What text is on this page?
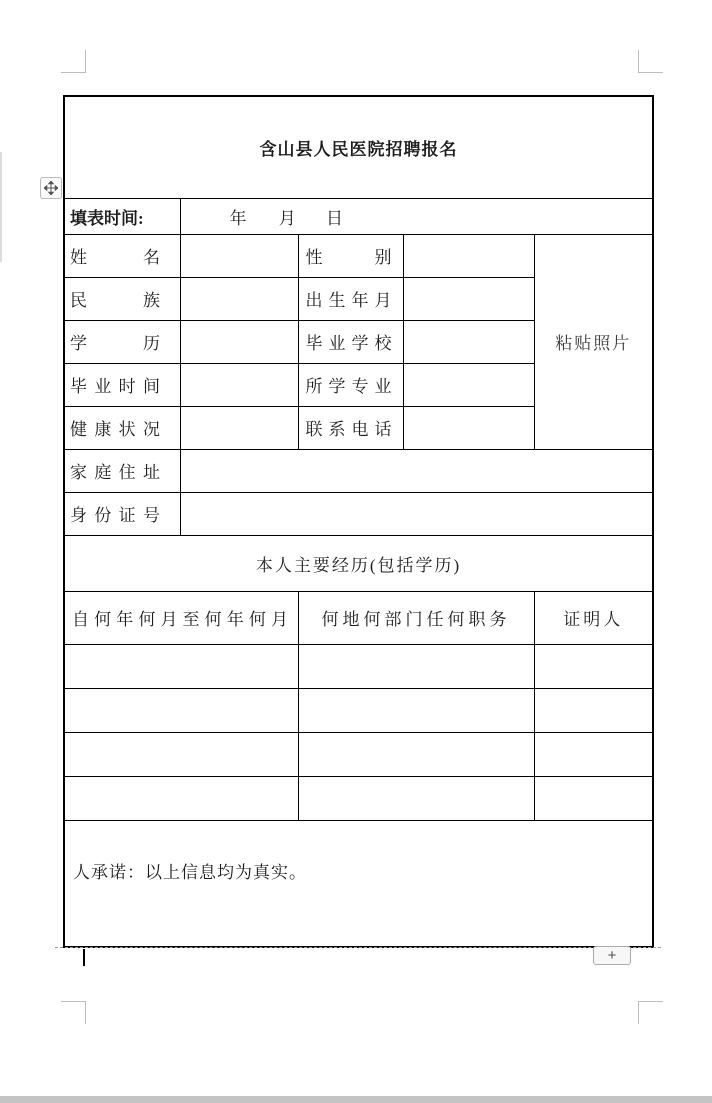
含山县人民医院招聘报名				
填表时间:	年 月 日			

姓 名		性 别		粘贴照片

民 族		出 生 年 月		

学 历		毕 业 学 校		

毕 业 时 间		所 学 专 业		

健 康 状 况		联 系 电 话		

家 庭 住 址				

身 份 证 号				

本人主要经历(包括学历)				

自 何 年 何 月 至 何 年 何 月	何地何部门任何职务	证明人

人承诺：以上信息均为真实。				
+
